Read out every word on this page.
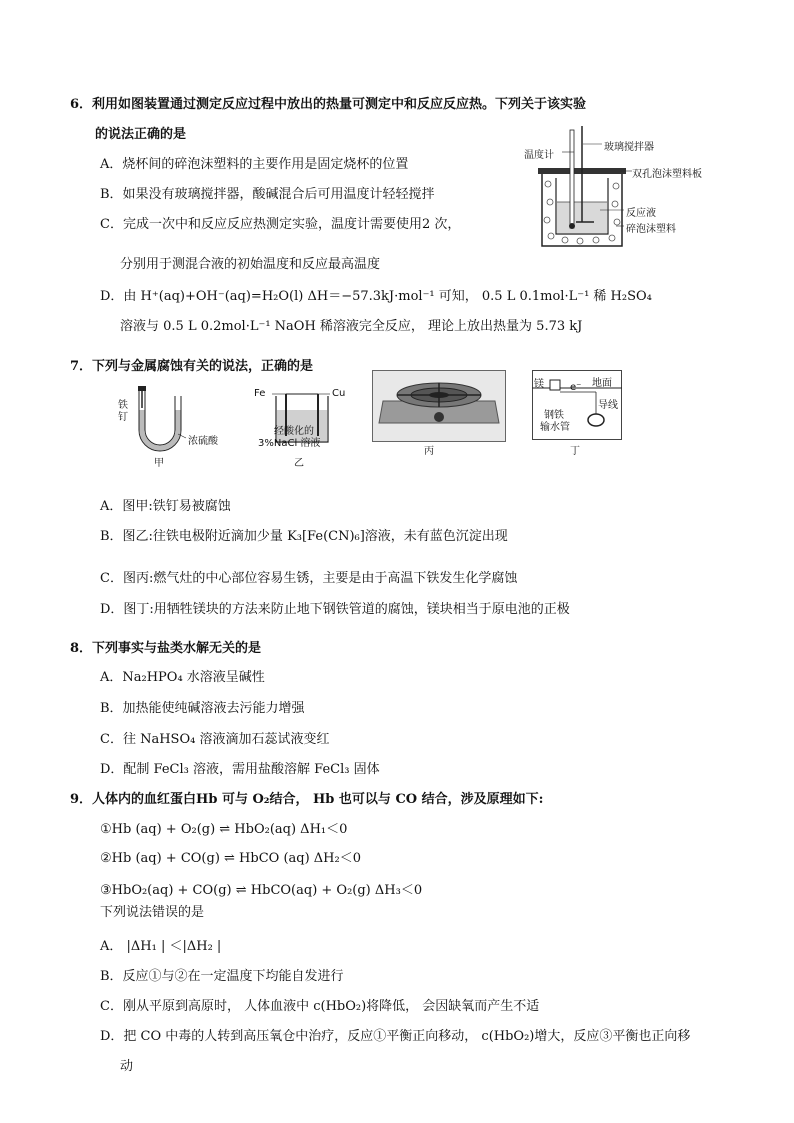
6．利用如图装置通过测定反应过程中放出的热量可测定中和反应反应热。下列关于该实验
的说法正确的是
A．烧杯间的碎泡沫塑料的主要作用是固定烧杯的位置
B．如果没有玻璃搅拌器，酸碱混合后可用温度计轻轻搅拌
C．完成一次中和反应反应热测定实验，温度计需要使用2 次，
分别用于测混合液的初始温度和反应最高温度
D．由 H⁺(aq)+OH⁻(aq)=H₂O(l) ΔH＝−57.3kJ·mol⁻¹ 可知， 0.5 L 0.1mol·L⁻¹ 稀 H₂SO₄
溶液与 0.5 L 0.2mol·L⁻¹ NaOH 稀溶液完全反应， 理论上放出热量为 5.73 kJ
温度计
玻璃搅拌器
双孔泡沫塑料板
反应液
碎泡沫塑料
7．下列与金属腐蚀有关的说法，正确的是
铁
钉
浓硫酸
甲
Fe	Cu
经酸化的
3%NaCl 溶液
乙
丙
镁	e⁻ 地面
导线
钢铁
输水管
丁
A．图甲:铁钉易被腐蚀
B．图乙:往铁电极附近滴加少量 K₃[Fe(CN)₆]溶液，未有蓝色沉淀出现
C．图丙:燃气灶的中心部位容易生锈，主要是由于高温下铁发生化学腐蚀
D．图丁:用牺牲镁块的方法来防止地下钢铁管道的腐蚀，镁块相当于原电池的正极
8．下列事实与盐类水解无关的是
A．Na₂HPO₄ 水溶液呈碱性
B．加热能使纯碱溶液去污能力增强
C．往 NaHSO₄ 溶液滴加石蕊试液变红
D．配制 FeCl₃ 溶液，需用盐酸溶解 FeCl₃ 固体
9．人体内的血红蛋白Hb 可与 O₂结合， Hb 也可以与 CO 结合，涉及原理如下:
①Hb (aq) + O₂(g) ⇌ HbO₂(aq) ΔH₁＜0
②Hb (aq) + CO(g) ⇌ HbCO (aq) ΔH₂＜0
③HbO₂(aq) + CO(g) ⇌ HbCO(aq) + O₂(g) ΔH₃＜0
下列说法错误的是
A． |ΔH₁ | ＜|ΔH₂ |
B．反应①与②在一定温度下均能自发进行
C．刚从平原到高原时， 人体血液中 c(HbO₂)将降低， 会因缺氧而产生不适
D．把 CO 中毒的人转到高压氧仓中治疗，反应①平衡正向移动， c(HbO₂)增大，反应③平衡也正向移
动
